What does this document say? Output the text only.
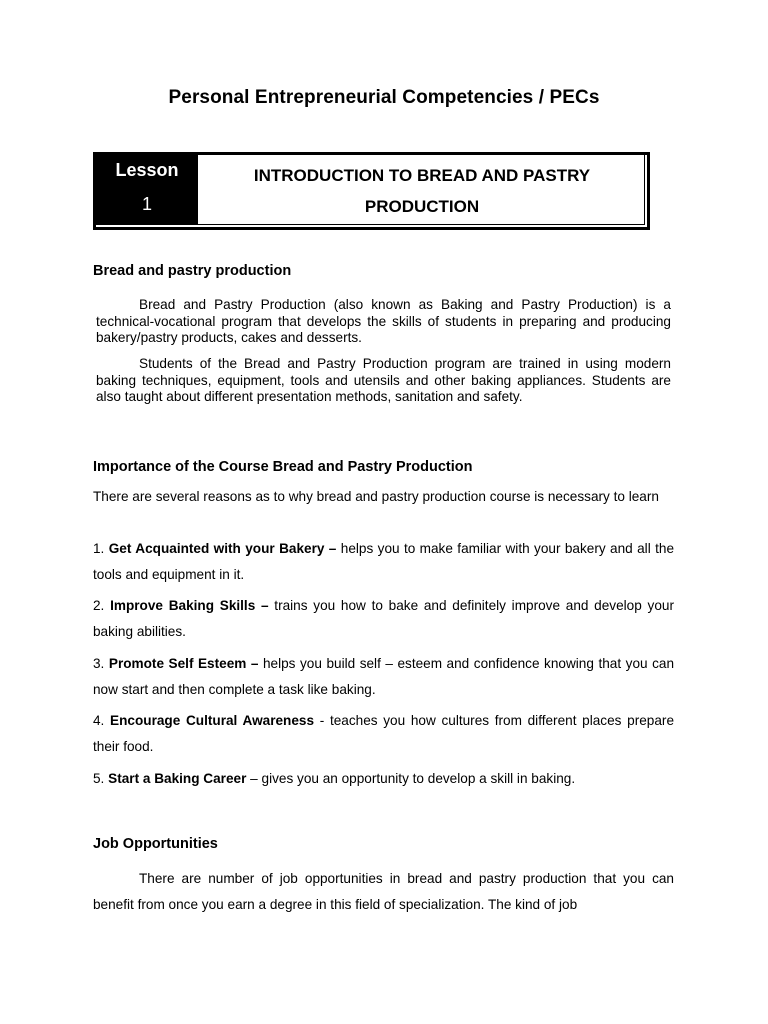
Personal Entrepreneurial Competencies / PECs
Lesson
1
INTRODUCTION TO BREAD AND PASTRY
PRODUCTION
Bread and pastry production
Bread and Pastry Production (also known as Baking and Pastry Production) is a technical-vocational program that develops the skills of students in preparing and producing bakery/pastry products, cakes and desserts.
Students of the Bread and Pastry Production program are trained in using modern baking techniques, equipment, tools and utensils and other baking appliances. Students are also taught about different presentation methods, sanitation and safety.
Importance of the Course Bread and Pastry Production
There are several reasons as to why bread and pastry production course is necessary to learn
1. Get Acquainted with your Bakery – helps you to make familiar with your bakery and all the tools and equipment in it.
2. Improve Baking Skills – trains you how to bake and definitely improve and develop your baking abilities.
3. Promote Self Esteem – helps you build self – esteem and confidence knowing that you can now start and then complete a task like baking.
4. Encourage Cultural Awareness - teaches you how cultures from different places prepare their food.
5. Start a Baking Career – gives you an opportunity to develop a skill in baking.
Job Opportunities
There are number of job opportunities in bread and pastry production that you can benefit from once you earn a degree in this field of specialization. The kind of job
